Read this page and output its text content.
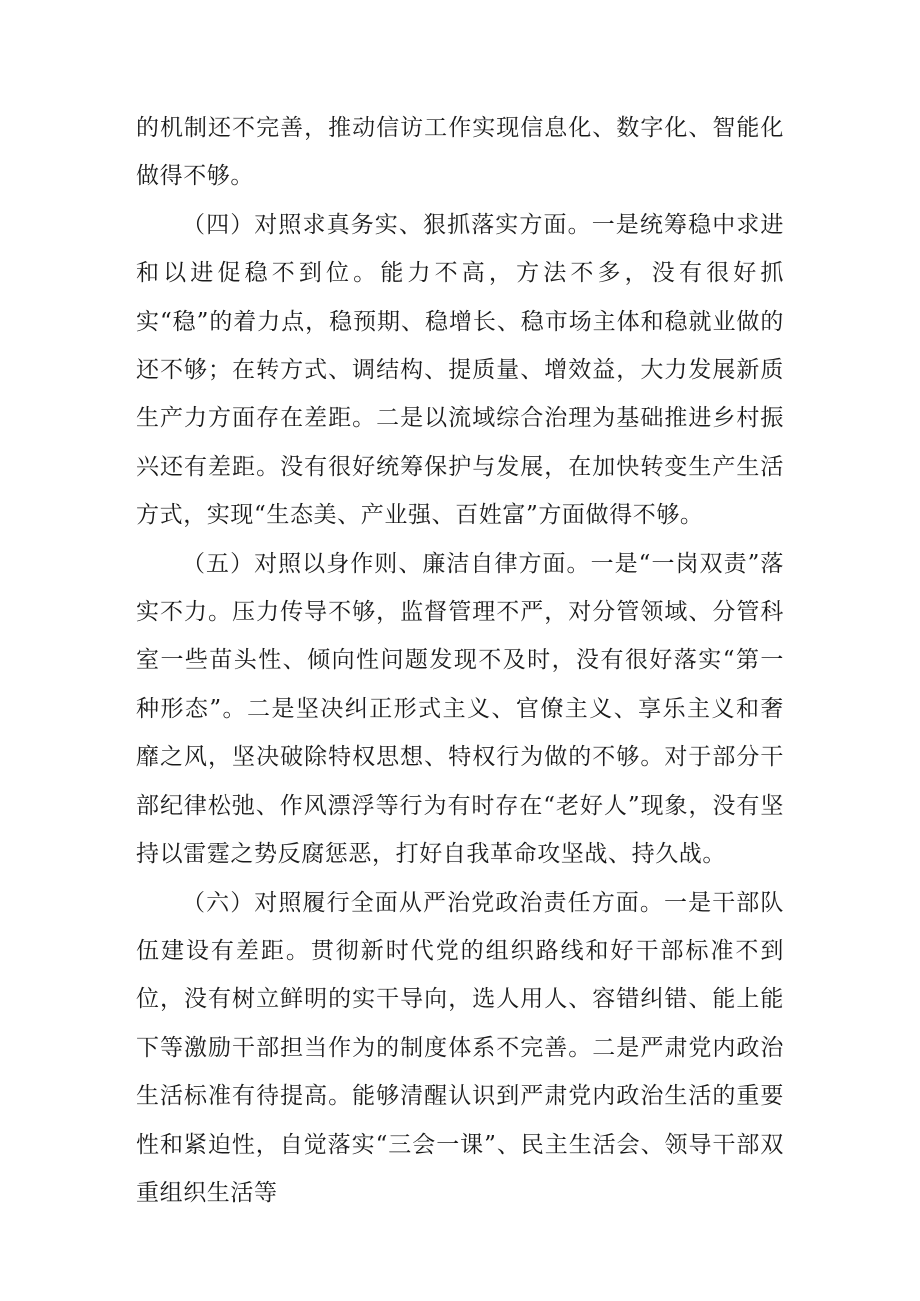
的机制还不完善，推动信访工作实现信息化、数字化、智能化做得不够。

（四）对照求真务实、狠抓落实方面。一是统筹稳中求进和以进促稳不到位。能力不高，方法不多，没有很好抓实“稳”的着力点，稳预期、稳增长、稳市场主体和稳就业做的还不够；在转方式、调结构、提质量、增效益，大力发展新质生产力方面存在差距。二是以流域综合治理为基础推进乡村振兴还有差距。没有很好统筹保护与发展，在加快转变生产生活方式，实现“生态美、产业强、百姓富”方面做得不够。

（五）对照以身作则、廉洁自律方面。一是“一岗双责”落实不力。压力传导不够，监督管理不严，对分管领域、分管科室一些苗头性、倾向性问题发现不及时，没有很好落实“第一种形态”。二是坚决纠正形式主义、官僚主义、享乐主义和奢靡之风，坚决破除特权思想、特权行为做的不够。对于部分干部纪律松弛、作风漂浮等行为有时存在“老好人”现象，没有坚持以雷霆之势反腐惩恶，打好自我革命攻坚战、持久战。

（六）对照履行全面从严治党政治责任方面。一是干部队伍建设有差距。贯彻新时代党的组织路线和好干部标准不到位，没有树立鲜明的实干导向，选人用人、容错纠错、能上能下等激励干部担当作为的制度体系不完善。二是严肃党内政治生活标准有待提高。能够清醒认识到严肃党内政治生活的重要性和紧迫性，自觉落实“三会一课”、民主生活会、领导干部双重组织生活等
